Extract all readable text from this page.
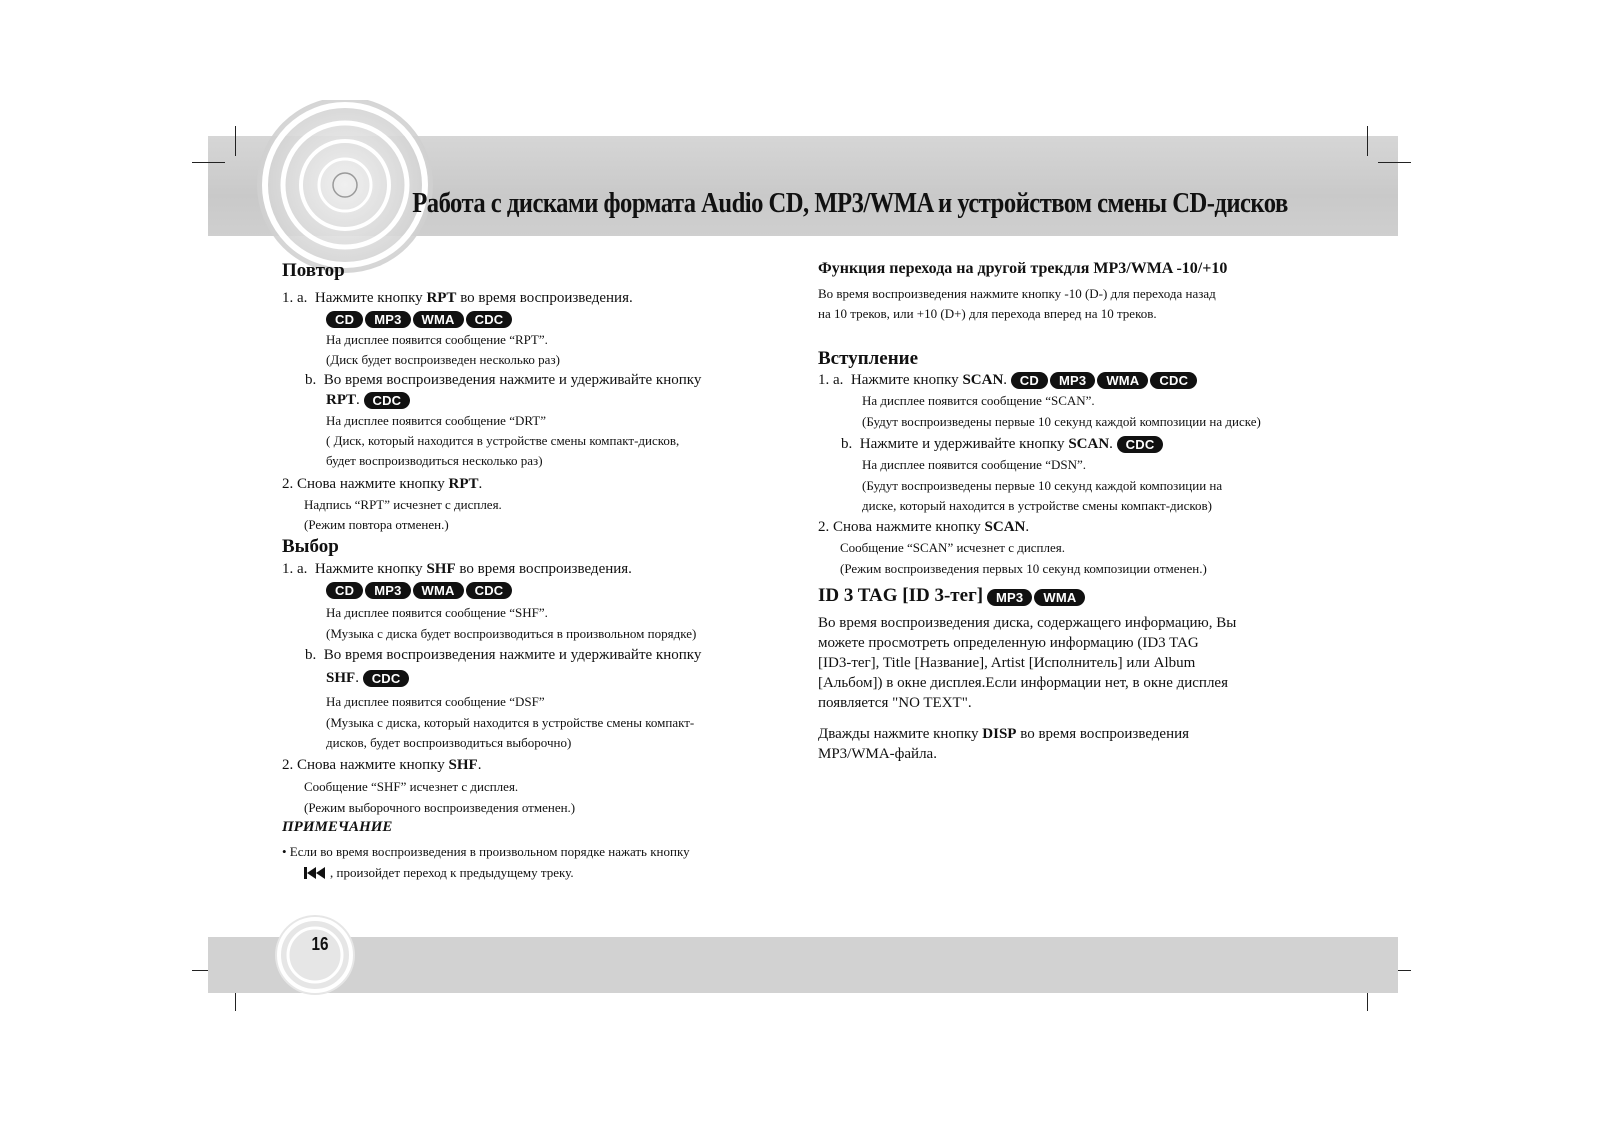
Работа с дисками формата Audio CD, MP3/WMA и устройством смены CD-дисков
Повтор
1. a. Нажмите кнопку RPT во время воспроизведения.
CD MP3 WMA CDC
На дисплее появится сообщение “RPT”.
(Диск будет воспроизведен несколько раз)
b. Во время воспроизведения нажмите и удерживайте кнопку
RPT. CDC
На дисплее появится сообщение “DRT”
( Диск, который находится в устройстве смены компакт-дисков,
будет воспроизводиться несколько раз)
2. Снова нажмите кнопку RPT.
Надпись “RPT” исчезнет с дисплея.
(Режим повтора отменен.)
Выбор
1. a. Нажмите кнопку SHF во время воспроизведения.
CD MP3 WMA CDC
На дисплее появится сообщение “SHF”.
(Музыка с диска будет воспроизводиться в произвольном порядке)
b. Во время воспроизведения нажмите и удерживайте кнопку
SHF. CDC
На дисплее появится сообщение “DSF”
(Музыка с диска, который находится в устройстве смены компакт-
дисков, будет воспроизводиться выборочно)
2. Снова нажмите кнопку SHF.
Сообщение “SHF” исчезнет с дисплея.
(Режим выборочного воспроизведения отменен.)
ПРИМЕЧАНИЕ
• Если во время воспроизведения в произвольном порядке нажать кнопку
, произойдет переход к предыдущему треку.
Функция перехода на другой трекдля MP3/WMA -10/+10
Во время воспроизведения нажмите кнопку -10 (D-) для перехода назад
на 10 треков, или +10 (D+) для перехода вперед на 10 треков.
Вступление
1. a. Нажмите кнопку SCAN. CD MP3 WMA CDC
На дисплее появится сообщение “SCAN”.
(Будут воспроизведены первые 10 секунд каждой композиции на диске)
b. Нажмите и удерживайте кнопку SCAN. CDC
На дисплее появится сообщение “DSN”.
(Будут воспроизведены первые 10 секунд каждой композиции на
диске, который находится в устройстве смены компакт-дисков)
2. Снова нажмите кнопку SCAN.
Сообщение “SCAN” исчезнет с дисплея.
(Режим воспроизведения первых 10 секунд композиции отменен.)
ID 3 TAG [ID 3-тег] MP3 WMA
Во время воспроизведения диска, содержащего информацию, Вы
можете просмотреть определенную информацию (ID3 TAG
[ID3-тег], Title [Название], Artist [Исполнитель] или Album
[Альбом]) в окне дисплея.Если информации нет, в окне дисплея
появляется "NO TEXT".
Дважды нажмите кнопку DISP во время воспроизведения
MP3/WMA-файла.
16
